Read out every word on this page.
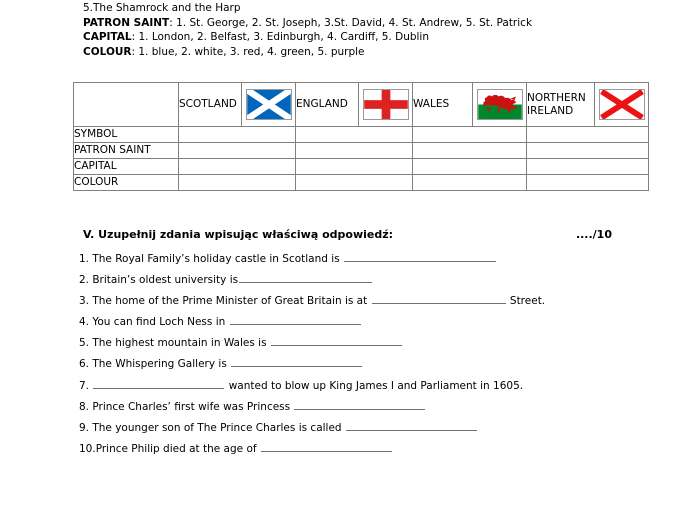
5.The Shamrock and the Harp
PATRON SAINT: 1. St. George, 2. St. Joseph, 3.St. David, 4. St. Andrew, 5. St. Patrick
CAPITAL: 1. London, 2. Belfast, 3. Edinburgh, 4. Cardiff, 5. Dublin
COLOUR: 1. blue, 2. white, 3. red, 4. green, 5. purple
	SCOTLAND		ENGLAND		WALES		NORTHERN IRELAND	

SYMBOL								
PATRON SAINT								
CAPITAL								
COLOUR								
V. Uzupełnij zdania wpisując właściwą odpowiedź:	..../10
1. The Royal Family’s holiday castle in Scotland is
2. Britain’s oldest university is
3. The home of the Prime Minister of Great Britain is at	Street.
4. You can find Loch Ness in
5. The highest mountain in Wales is
6. The Whispering Gallery is
7.	wanted to blow up King James I and Parliament in 1605.
8. Prince Charles’ first wife was Princess
9. The younger son of The Prince Charles is called
10.Prince Philip died at the age of
